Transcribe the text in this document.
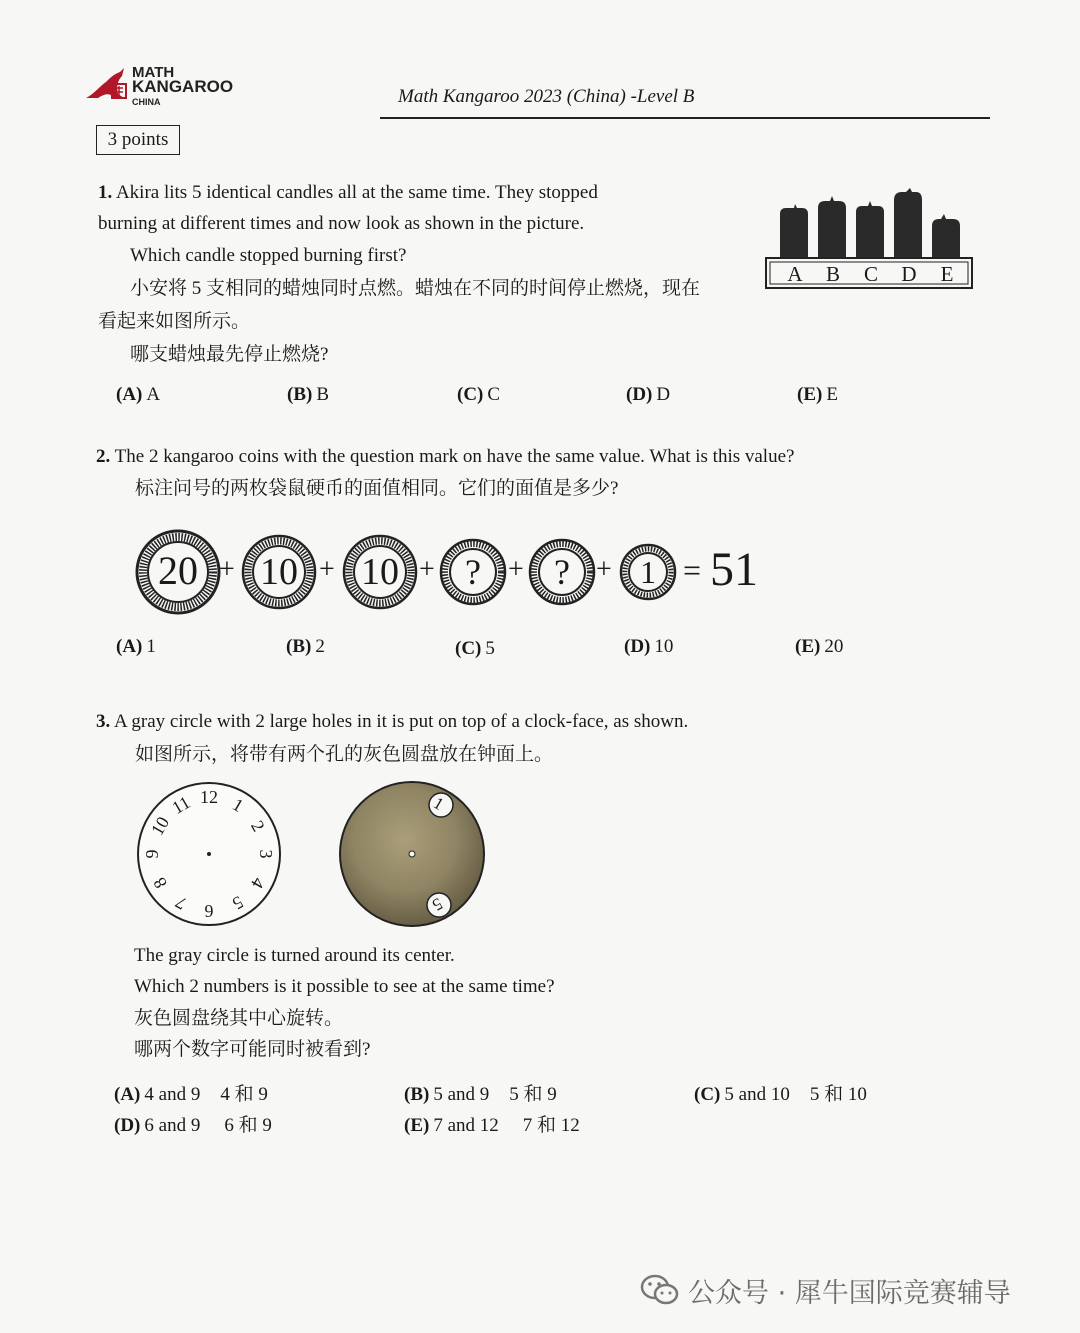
MATH
KANGAROO
CHINA	Math Kangaroo 2023 (China) -Level B
3 points
1. Akira lits 5 identical candles all at the same time. They stopped
burning at different times and now look as shown in the picture.
Which candle stopped burning first?
小安将 5 支相同的蜡烛同时点燃。蜡烛在不同的时间停止燃烧，现在
看起来如图所示。
哪支蜡烛最先停止燃烧?
A	B	C	D	E
(A) A	(B) B	(C) C	(D) D	(E) E
2. The 2 kangaroo coins with the question mark on have the same value. What is this value?
标注问号的两枚袋鼠硬币的面值相同。它们的面值是多少?
20 + 10 + 10 + ? + ? + 1 = 51
(A) 1	(B) 2	(C) 5	(D) 10	(E) 20
3. A gray circle with 2 large holes in it is put on top of a clock-face, as shown.
如图所示，将带有两个孔的灰色圆盘放在钟面上。
12 1
2
3
4
5
6
7
8
9
10
11	1
5
The gray circle is turned around its center.
Which 2 numbers is it possible to see at the same time?
灰色圆盘绕其中心旋转。
哪两个数字可能同时被看到?
(A) 4 and 9 4 和 9	(B) 5 and 9 5 和 9	(C) 5 and 10 5 和 10
(D) 6 and 9 6 和 9	(E) 7 and 12 7 和 12
公众号 · 犀牛国际竞赛辅导
